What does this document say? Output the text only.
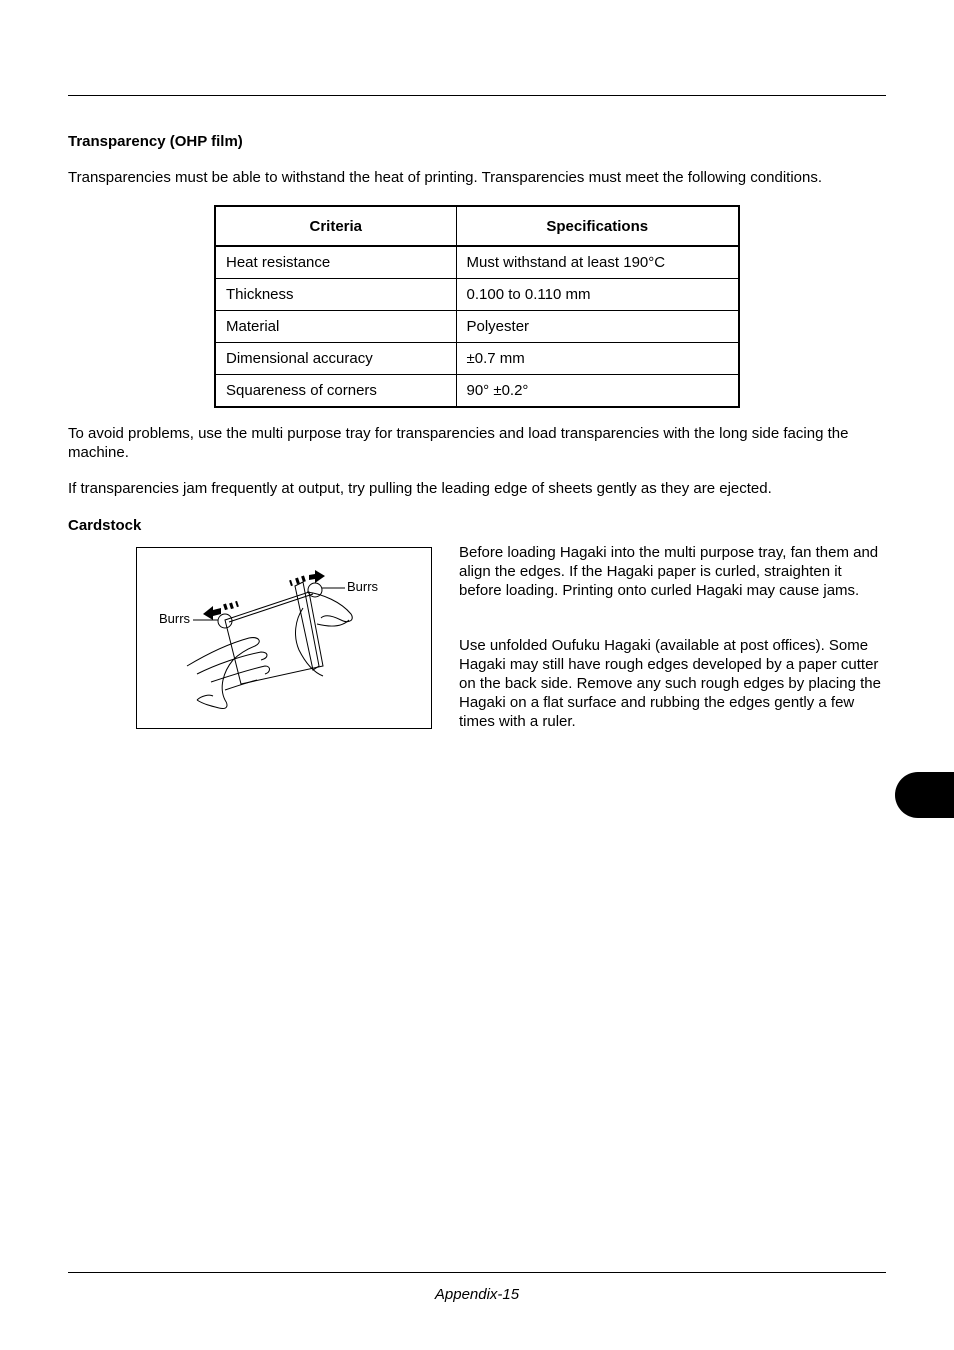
Transparency (OHP film)

Transparencies must be able to withstand the heat of printing. Transparencies must meet the following conditions.

Criteria	Specifications
Heat resistance	Must withstand at least 190°C
Thickness	0.100 to 0.110 mm
Material	Polyester
Dimensional accuracy	±0.7 mm
Squareness of corners	90° ±0.2°

To avoid problems, use the multi purpose tray for transparencies and load transparencies with the long side facing the machine.

If transparencies jam frequently at output, try pulling the leading edge of sheets gently as they are ejected.

Cardstock
Burrs
Burrs

Before loading Hagaki into the multi purpose tray, fan them and align the edges. If the Hagaki paper is curled, straighten it before loading. Printing onto curled Hagaki may cause jams.

Use unfolded Oufuku Hagaki (available at post offices). Some Hagaki may still have rough edges developed by a paper cutter on the back side. Remove any such rough edges by placing the Hagaki on a flat surface and rubbing the edges gently a few times with a ruler.

Appendix-15
